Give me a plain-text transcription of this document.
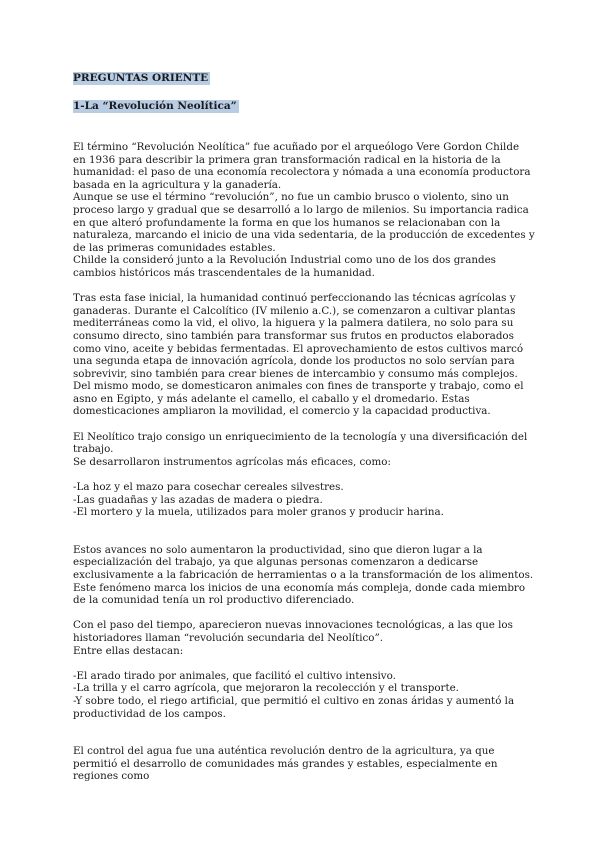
PREGUNTAS ORIENTE
1-La “Revolución Neolítica”

El término “Revolución Neolítica” fue acuñado por el arqueólogo Vere Gordon Childe en 1936 para describir la primera gran transformación radical en la historia de la humanidad: el paso de una economía recolectora y nómada a una economía productora basada en la agricultura y la ganadería.

Aunque se use el término “revolución”, no fue un cambio brusco o violento, sino un proceso largo y gradual que se desarrolló a lo largo de milenios. Su importancia radica en que alteró profundamente la forma en que los humanos se relacionaban con la naturaleza, marcando el inicio de una vida sedentaria, de la producción de excedentes y de las primeras comunidades estables.

Childe la consideró junto a la Revolución Industrial como uno de los dos grandes cambios históricos más trascendentales de la humanidad.

Tras esta fase inicial, la humanidad continuó perfeccionando las técnicas agrícolas y ganaderas. Durante el Calcolítico (IV milenio a.C.), se comenzaron a cultivar plantas mediterráneas como la vid, el olivo, la higuera y la palmera datilera, no solo para su consumo directo, sino también para transformar sus frutos en productos elaborados como vino, aceite y bebidas fermentadas. El aprovechamiento de estos cultivos marcó una segunda etapa de innovación agrícola, donde los productos no solo servían para sobrevivir, sino también para crear bienes de intercambio y consumo más complejos. Del mismo modo, se domesticaron animales con fines de transporte y trabajo, como el asno en Egipto, y más adelante el camello, el caballo y el dromedario. Estas domesticaciones ampliaron la movilidad, el comercio y la capacidad productiva.

El Neolítico trajo consigo un enriquecimiento de la tecnología y una diversificación del trabajo.

Se desarrollaron instrumentos agrícolas más eficaces, como:

-La hoz y el mazo para cosechar cereales silvestres.
-Las guadañas y las azadas de madera o piedra.
-El mortero y la muela, utilizados para moler granos y producir harina.

Estos avances no solo aumentaron la productividad, sino que dieron lugar a la especialización del trabajo, ya que algunas personas comenzaron a dedicarse exclusivamente a la fabricación de herramientas o a la transformación de los alimentos.

Este fenómeno marca los inicios de una economía más compleja, donde cada miembro de la comunidad tenía un rol productivo diferenciado.

Con el paso del tiempo, aparecieron nuevas innovaciones tecnológicas, a las que los historiadores llaman “revolución secundaria del Neolítico”.

Entre ellas destacan:

-El arado tirado por animales, que facilitó el cultivo intensivo.
-La trilla y el carro agrícola, que mejoraron la recolección y el transporte.
-Y sobre todo, el riego artificial, que permitió el cultivo en zonas áridas y aumentó la productividad de los campos.

El control del agua fue una auténtica revolución dentro de la agricultura, ya que permitió el desarrollo de comunidades más grandes y estables, especialmente en regiones como
